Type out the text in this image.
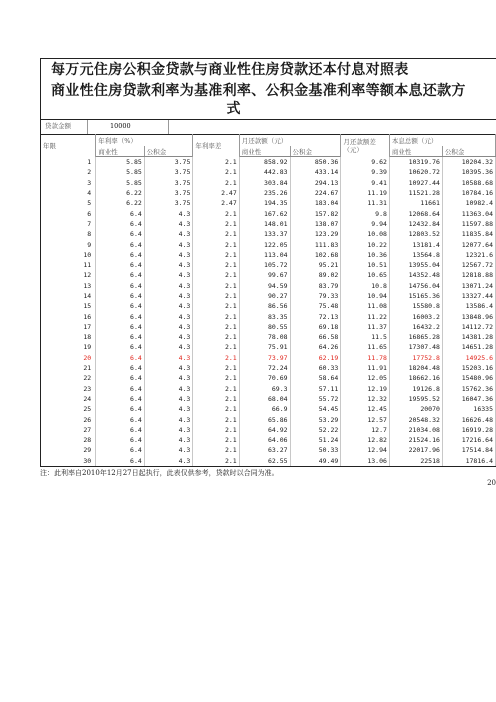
每万元住房公积金贷款与商业性住房贷款还本付息对照表
商业性住房贷款利率为基准利率、公积金基准利率等额本息还款方
式
贷款金额	10000
年限	年利率（%）		年利率差	月还款额（元）		月还款额差（元）	本息总额（元）	
	商业性	公积金		商业性	公积金		商业性	公积金
1	5.85	3.75	2.1	858.92	850.36	9.62	10319.76	10204.32
2	5.85	3.75	2.1	442.83	433.14	9.39	10620.72	10395.36
3	5.85	3.75	2.1	303.84	294.13	9.41	10927.44	10588.68
4	6.22	3.75	2.47	235.26	224.67	11.19	11521.28	10784.16
5	6.22	3.75	2.47	194.35	183.04	11.31	11661	10982.4
6	6.4	4.3	2.1	167.62	157.82	9.8	12068.64	11363.04
7	6.4	4.3	2.1	148.01	138.07	9.94	12432.84	11597.88
8	6.4	4.3	2.1	133.37	123.29	10.08	12803.52	11835.84
9	6.4	4.3	2.1	122.05	111.83	10.22	13181.4	12077.64
10	6.4	4.3	2.1	113.04	102.68	10.36	13564.8	12321.6
11	6.4	4.3	2.1	105.72	95.21	10.51	13955.04	12567.72
12	6.4	4.3	2.1	99.67	89.02	10.65	14352.48	12818.88
13	6.4	4.3	2.1	94.59	83.79	10.8	14756.04	13071.24
14	6.4	4.3	2.1	90.27	79.33	10.94	15165.36	13327.44
15	6.4	4.3	2.1	86.56	75.48	11.08	15580.8	13586.4
16	6.4	4.3	2.1	83.35	72.13	11.22	16003.2	13848.96
17	6.4	4.3	2.1	80.55	69.18	11.37	16432.2	14112.72
18	6.4	4.3	2.1	78.08	66.58	11.5	16865.28	14381.28
19	6.4	4.3	2.1	75.91	64.26	11.65	17307.48	14651.28
20	6.4	4.3	2.1	73.97	62.19	11.78	17752.8	14925.6
21	6.4	4.3	2.1	72.24	60.33	11.91	18204.48	15203.16
22	6.4	4.3	2.1	70.69	58.64	12.05	18662.16	15480.96
23	6.4	4.3	2.1	69.3	57.11	12.19	19126.8	15762.36
24	6.4	4.3	2.1	68.04	55.72	12.32	19595.52	16047.36
25	6.4	4.3	2.1	66.9	54.45	12.45	20070	16335
26	6.4	4.3	2.1	65.86	53.29	12.57	20548.32	16626.48
27	6.4	4.3	2.1	64.92	52.22	12.7	21034.08	16919.28
28	6.4	4.3	2.1	64.06	51.24	12.82	21524.16	17216.64
29	6.4	4.3	2.1	63.27	50.33	12.94	22017.96	17514.84
30	6.4	4.3	2.1	62.55	49.49	13.06	22518	17816.4
注：此利率自2010年12月27日起执行，此表仅供参考，贷款时以合同为准。
20
